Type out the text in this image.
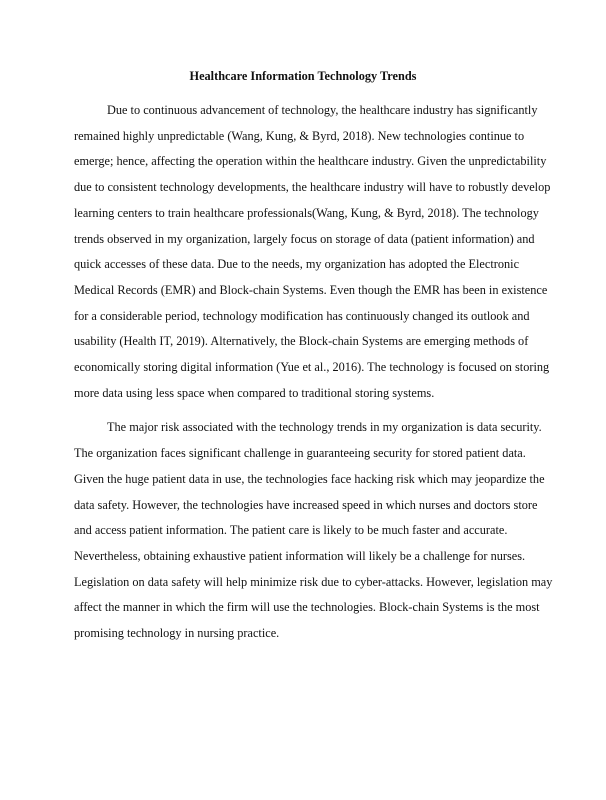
Healthcare Information Technology Trends

Due to continuous advancement of technology, the healthcare industry has significantly
remained highly unpredictable (Wang, Kung, & Byrd, 2018). New technologies continue to
emerge; hence, affecting the operation within the healthcare industry. Given the unpredictability
due to consistent technology developments, the healthcare industry will have to robustly develop
learning centers to train healthcare professionals(Wang, Kung, & Byrd, 2018). The technology
trends observed in my organization, largely focus on storage of data (patient information) and
quick accesses of these data. Due to the needs, my organization has adopted the Electronic
Medical Records (EMR) and Block-chain Systems. Even though the EMR has been in existence
for a considerable period, technology modification has continuously changed its outlook and
usability (Health IT, 2019). Alternatively, the Block-chain Systems are emerging methods of
economically storing digital information (Yue et al., 2016). The technology is focused on storing
more data using less space when compared to traditional storing systems.

The major risk associated with the technology trends in my organization is data security.
The organization faces significant challenge in guaranteeing security for stored patient data.
Given the huge patient data in use, the technologies face hacking risk which may jeopardize the
data safety. However, the technologies have increased speed in which nurses and doctors store
and access patient information. The patient care is likely to be much faster and accurate.
Nevertheless, obtaining exhaustive patient information will likely be a challenge for nurses.
Legislation on data safety will help minimize risk due to cyber-attacks. However, legislation may
affect the manner in which the firm will use the technologies. Block-chain Systems is the most
promising technology in nursing practice.
